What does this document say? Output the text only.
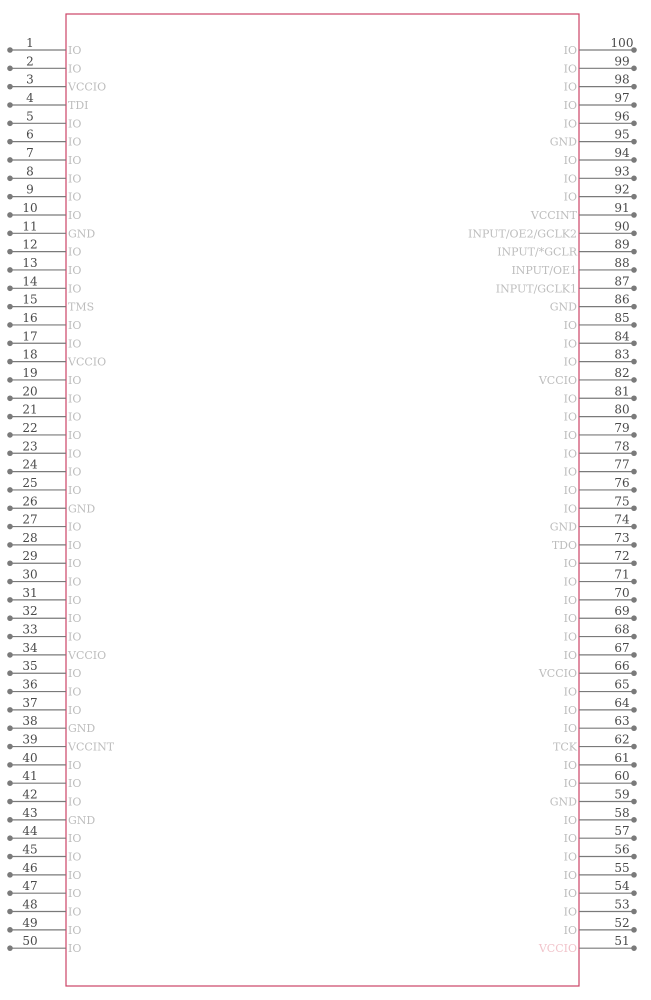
1
IO
2
IO
3
VCCIO
4
TDI
5
IO
6
IO
7
IO
8
IO
9
IO
10
IO
11
GND
12
IO
13
IO
14
IO
15
TMS
16
IO
17
IO
18
VCCIO
19
IO
20
IO
21
IO
22
IO
23
IO
24
IO
25
IO
26
GND
27
IO
28
IO
29
IO
30
IO
31
IO
32
IO
33
IO
34
VCCIO
35
IO
36
IO
37
IO
38
GND
39
VCCINT
40
IO
41
IO
42
IO
43
GND
44
IO
45
IO
46
IO
47
IO
48
IO
49
IO
50
IO
100
IO
99
IO
98
IO
97
IO
96
IO
95
GND
94
IO
93
IO
92
IO
91
VCCINT
90
INPUT/OE2/GCLK2
89
INPUT/*GCLR
88
INPUT/OE1
87
INPUT/GCLK1
86
GND
85
IO
84
IO
83
IO
82
VCCIO
81
IO
80
IO
79
IO
78
IO
77
IO
76
IO
75
IO
74
GND
73
TDO
72
IO
71
IO
70
IO
69
IO
68
IO
67
IO
66
VCCIO
65
IO
64
IO
63
IO
62
TCK
61
IO
60
IO
59
GND
58
IO
57
IO
56
IO
55
IO
54
IO
53
IO
52
IO
51
VCCIO
